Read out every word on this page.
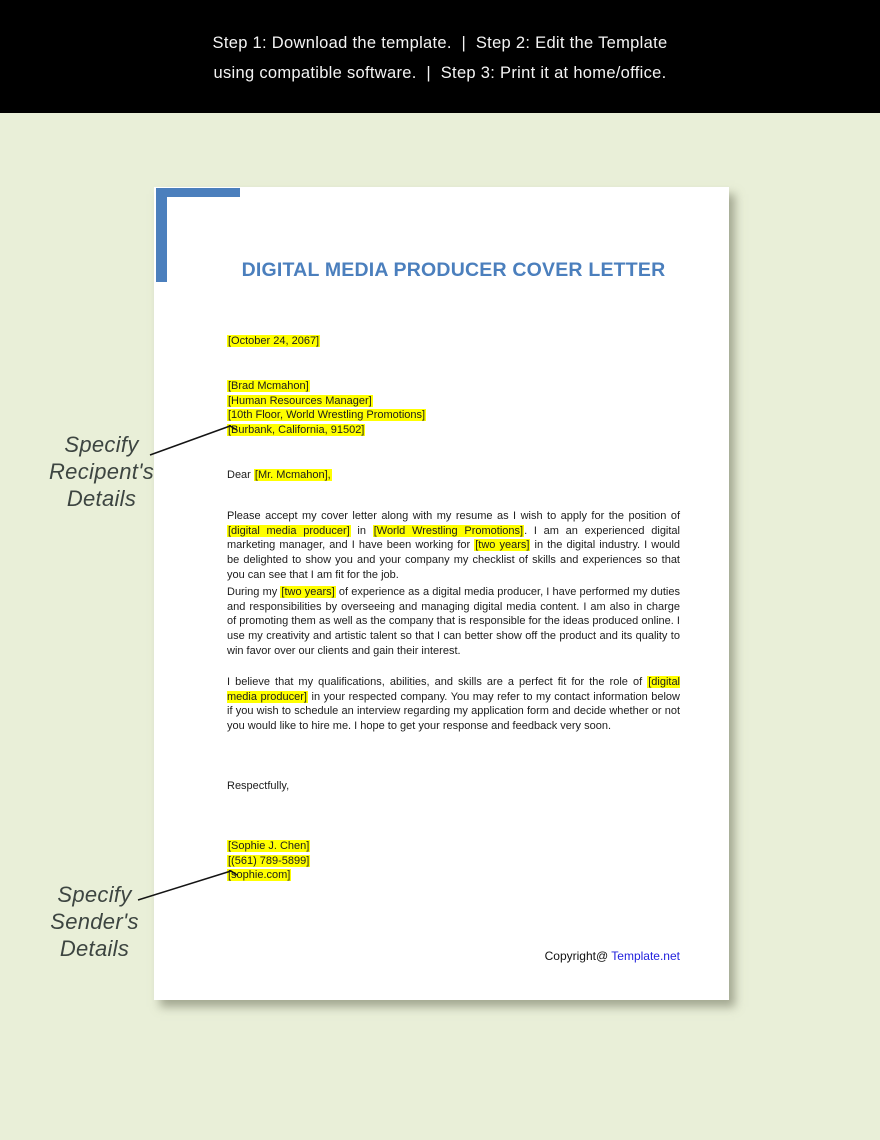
Step 1: Download the template.  |  Step 2: Edit the Template
using compatible software.  |  Step 3: Print it at home/office.
Specify
Recipent's
Details
Specify
Sender's
Details
DIGITAL MEDIA PRODUCER COVER LETTER
[October 24, 2067]
[Brad Mcmahon]
[Human Resources Manager]
[10th Floor, World Wrestling Promotions]
[Burbank, California, 91502]
Dear [Mr. Mcmahon],
Please accept my cover letter along with my resume as I wish to apply for the position of [digital media producer] in [World Wrestling Promotions]. I am an experienced digital marketing manager, and I have been working for [two years] in the digital industry. I would be delighted to show you and your company my checklist of skills and experiences so that you can see that I am fit for the job.
During my [two years] of experience as a digital media producer, I have performed my duties and responsibilities by overseeing and managing digital media content. I am also in charge of promoting them as well as the company that is responsible for the ideas produced online. I use my creativity and artistic talent so that I can better show off the product and its quality to win favor over our clients and gain their interest.
I believe that my qualifications, abilities, and skills are a perfect fit for the role of [digital media producer] in your respected company. You may refer to my contact information below if you wish to schedule an interview regarding my application form and decide whether or not you would like to hire me. I hope to get your response and feedback very soon.
Respectfully,
[Sophie J. Chen]
[(561) 789-5899]
[sophie.com]
Copyright@ Template.net
